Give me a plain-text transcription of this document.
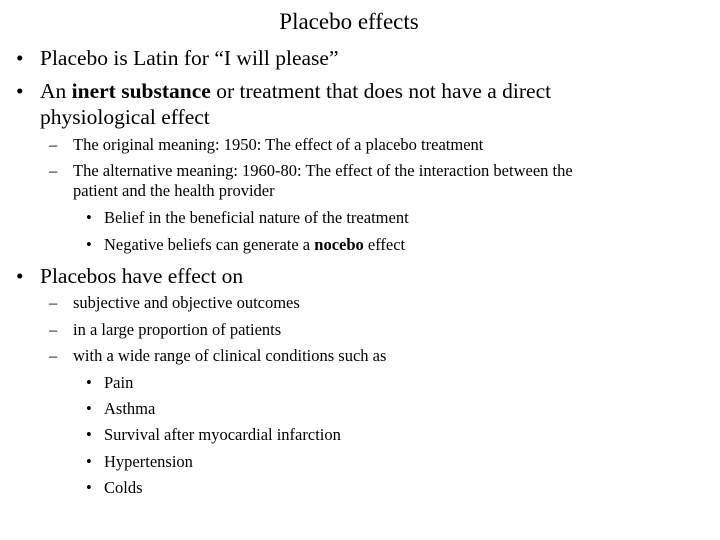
Placebo effects
• Placebo is Latin for “I will please”
• An inert substance or treatment that does not have a direct
physiological effect
– The original meaning: 1950: The effect of a placebo treatment
– The alternative meaning: 1960-80: The effect of the interaction between the
patient and the health provider
• Belief in the beneficial nature of the treatment
• Negative beliefs can generate a nocebo effect
• Placebos have effect on
– subjective and objective outcomes
– in a large proportion of patients
– with a wide range of clinical conditions such as
• Pain
• Asthma
• Survival after myocardial infarction
• Hypertension
• Colds
